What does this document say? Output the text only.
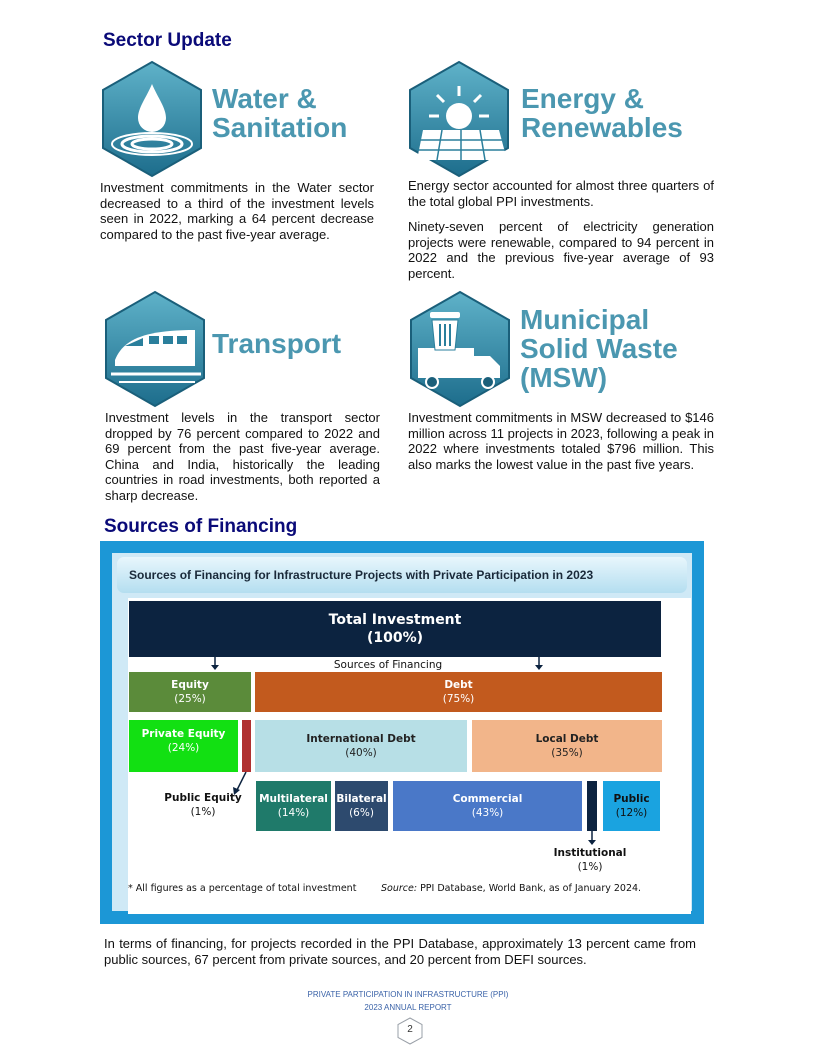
Sector Update
Water &
Sanitation
Investment commitments in the Water sector decreased to a third of the investment levels seen in 2022, marking a 64 percent decrease compared to the past five-year average.
Energy &
Renewables

Energy sector accounted for almost three quarters of the total global PPI investments.

Ninety-seven percent of electricity generation projects were renewable, compared to 94 percent in 2022 and the previous five-year average of 93 percent.

Transport
Investment levels in the transport sector dropped by 76 percent compared to 2022 and 69 percent from the past five-year average. China and India, historically the leading countries in road investments, both reported a sharp decrease.
Municipal
Solid Waste
(MSW)
Investment commitments in MSW decreased to $146 million across 11 projects in 2023, following a peak in 2022 where investments totaled $796 million. This also marks the lowest value in the past five years.
Sources of Financing
Sources of Financing for Infrastructure Projects with Private Participation in 2023
Total Investment
(100%)
Sources of Financing
Equity
(25%)
Debt
(75%)
Private Equity
(24%)
International Debt
(40%)
Local Debt
(35%)
Public Equity
(1%)
Multilateral
(14%)
Bilateral
(6%)
Commercial
(43%)
Public
(12%)
Institutional
(1%)
* All figures as a percentage of total investment	Source: PPI Database, World Bank, as of January 2024.
In terms of financing, for projects recorded in the PPI Database, approximately 13 percent came from public sources, 67 percent from private sources, and 20 percent from DEFI sources.
PRIVATE PARTICIPATION IN INFRASTRUCTURE (PPI)
2023 ANNUAL REPORT
2
